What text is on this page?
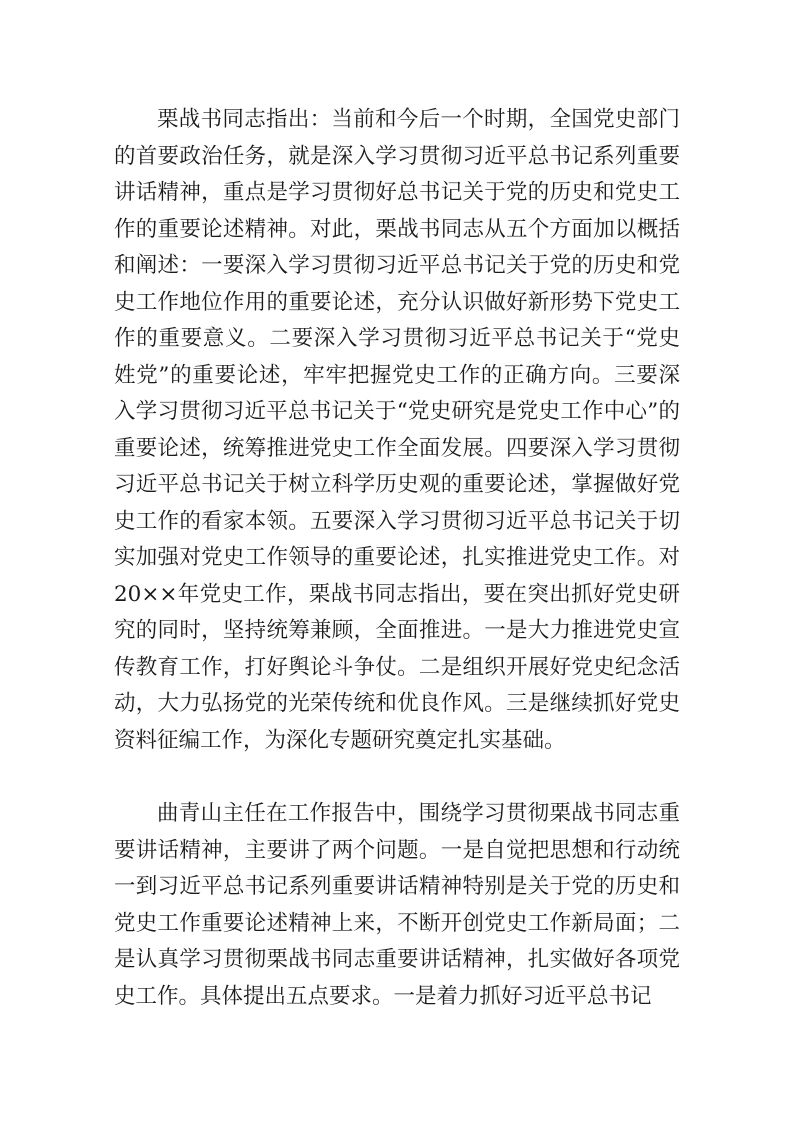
栗战书同志指出：当前和今后一个时期，全国党史部门的首要政治任务，就是深入学习贯彻习近平总书记系列重要讲话精神，重点是学习贯彻好总书记关于党的历史和党史工作的重要论述精神。对此，栗战书同志从五个方面加以概括和阐述：一要深入学习贯彻习近平总书记关于党的历史和党史工作地位作用的重要论述，充分认识做好新形势下党史工作的重要意义。二要深入学习贯彻习近平总书记关于“党史姓党”的重要论述，牢牢把握党史工作的正确方向。三要深入学习贯彻习近平总书记关于“党史研究是党史工作中心”的重要论述，统筹推进党史工作全面发展。四要深入学习贯彻习近平总书记关于树立科学历史观的重要论述，掌握做好党史工作的看家本领。五要深入学习贯彻习近平总书记关于切实加强对党史工作领导的重要论述，扎实推进党史工作。对20××年党史工作，栗战书同志指出，要在突出抓好党史研究的同时，坚持统筹兼顾，全面推进。一是大力推进党史宣传教育工作，打好舆论斗争仗。二是组织开展好党史纪念活动，大力弘扬党的光荣传统和优良作风。三是继续抓好党史资料征编工作，为深化专题研究奠定扎实基础。

曲青山主任在工作报告中，围绕学习贯彻栗战书同志重要讲话精神，主要讲了两个问题。一是自觉把思想和行动统一到习近平总书记系列重要讲话精神特别是关于党的历史和党史工作重要论述精神上来，不断开创党史工作新局面；二是认真学习贯彻栗战书同志重要讲话精神，扎实做好各项党史工作。具体提出五点要求。一是着力抓好习近平总书记
